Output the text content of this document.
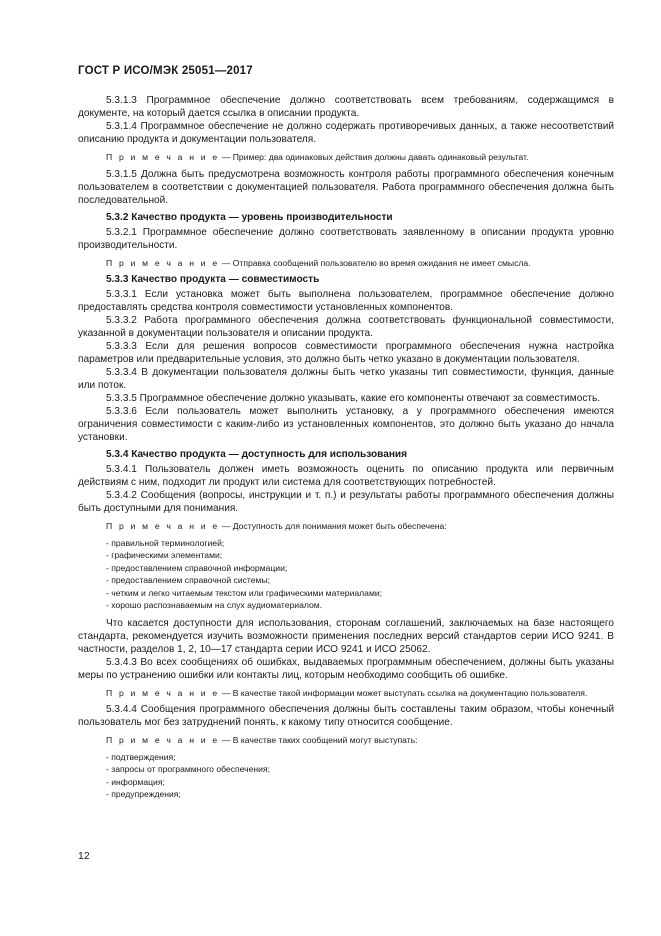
ГОСТ Р ИСО/МЭК 25051—2017

5.3.1.3 Программное обеспечение должно соответствовать всем требованиям, содержащимся в документе, на который дается ссылка в описании продукта.

5.3.1.4 Программное обеспечение не должно содержать противоречивых данных, а также несоответствий описанию продукта и документации пользователя.

П р и м е ч а н и е — Пример: два одинаковых действия должны давать одинаковый результат.

5.3.1.5 Должна быть предусмотрена возможность контроля работы программного обеспечения конечным пользователем в соответствии с документацией пользователя. Работа программного обеспечения должна быть последовательной.

5.3.2 Качество продукта — уровень производительности

5.3.2.1 Программное обеспечение должно соответствовать заявленному в описании продукта уровню производительности.

П р и м е ч а н и е — Отправка сообщений пользователю во время ожидания не имеет смысла.

5.3.3 Качество продукта — совместимость

5.3.3.1 Если установка может быть выполнена пользователем, программное обеспечение должно предоставлять средства контроля совместимости установленных компонентов.

5.3.3.2 Работа программного обеспечения должна соответствовать функциональной совместимости, указанной в документации пользователя и описании продукта.

5.3.3.3 Если для решения вопросов совместимости программного обеспечения нужна настройка параметров или предварительные условия, это должно быть четко указано в документации пользователя.

5.3.3.4 В документации пользователя должны быть четко указаны тип совместимости, функция, данные или поток.

5.3.3.5 Программное обеспечение должно указывать, какие его компоненты отвечают за совместимость.

5.3.3.6 Если пользователь может выполнить установку, а у программного обеспечения имеются ограничения совместимости с каким-либо из установленных компонентов, это должно быть указано до начала установки.

5.3.4 Качество продукта — доступность для использования

5.3.4.1 Пользователь должен иметь возможность оценить по описанию продукта или первичным действиям с ним, подходит ли продукт или система для соответствующих потребностей.

5.3.4.2 Сообщения (вопросы, инструкции и т. п.) и результаты работы программного обеспечения должны быть доступными для понимания.

П р и м е ч а н и е — Доступность для понимания может быть обеспечена:

- правильной терминологией;
- графическими элементами;
- предоставлением справочной информации;
- предоставлением справочной системы;
- четким и легко читаемым текстом или графическими материалами;
- хорошо распознаваемым на слух аудиоматериалом.

Что касается доступности для использования, сторонам соглашений, заключаемых на базе настоящего стандарта, рекомендуется изучить возможности применения последних версий стандартов серии ИСО 9241. В частности, разделов 1, 2, 10—17 стандарта серии ИСО 9241 и ИСО 25062.

5.3.4.3 Во всех сообщениях об ошибках, выдаваемых программным обеспечением, должны быть указаны меры по устранению ошибки или контакты лиц, которым необходимо сообщить об ошибке.

П р и м е ч а н и е — В качестве такой информации может выступать ссылка на документацию пользователя.

5.3.4.4 Сообщения программного обеспечения должны быть составлены таким образом, чтобы конечный пользователь мог без затруднений понять, к какому типу относится сообщение.

П р и м е ч а н и е — В качестве таких сообщений могут выступать:

- подтверждения;
- запросы от программного обеспечения;
- информация;
- предупреждения;
12
